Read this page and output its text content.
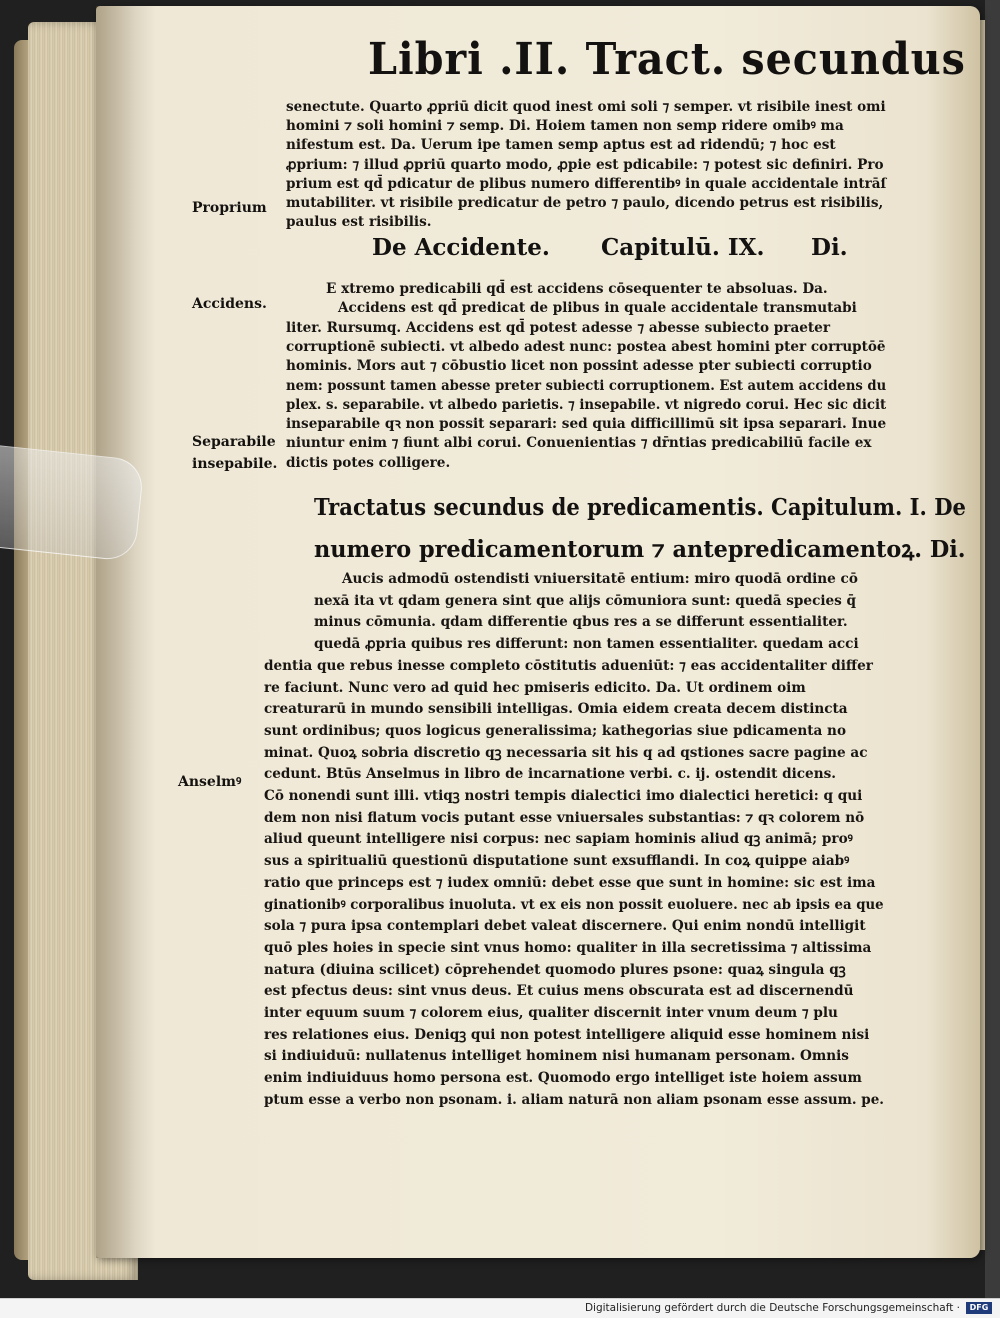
Libri .II. Tract. secundus
senectute. Quarto ꝓpriū dicit quod inest omi soli ⁊ semper. vt risibile inest omi
homini ⁊ soli homini ⁊ semp. Di. Hoiem tamen non semp ridere omibꝰ ma
nifestum est. Da. Uerum ipe tamen semp aptus est ad ridendū; ⁊ hoc est
ꝓprium: ⁊ illud ꝓpriū quarto modo, ꝓpie est pdicabile: ⁊ potest sic definiri. Pro
prium est qd̄ pdicatur de plibus numero differentibꝰ in quale accidentale intrāſ
mutabiliter. vt risibile predicatur de petro ⁊ paulo, dicendo petrus est risibilis,
paulus est risibilis.
Proprium
De Accidente. Capitulū. IX. Di.
Accidens.
E xtremo predicabili qd̄ est accidens cōsequenter te absoluas. Da.
Accidens est qd̄ predicat de plibus in quale accidentale transmutabi
liter. Rursumq. Accidens est qd̄ potest adesse ⁊ abesse subiecto praeter
corruptionē subiecti. vt albedo adest nunc: postea abest homini pter corruptōē
hominis. Mors aut ⁊ cōbustio licet non possint adesse pter subiecti corruptio
nem: possunt tamen abesse preter subiecti corruptionem. Est autem accidens du
plex. s. separabile. vt albedo parietis. ⁊ insepabile. vt nigredo corui. Hec sic dicit
inseparabile qꝛ non possit separari: sed quia difficillimū sit ipsa separari. Inue
niuntur enim ⁊ fiunt albi corui. Conuenientias ⁊ dr̄ntias predicabiliū facile ex
dictis potes colligere.
Separabile
insepabile.
Tractatus secundus de predicamentis. Capitulum. I. De
numero predicamentorum ⁊ antepredicamentoꝝ. Di.
Aucis admodū ostendisti vniuersitatē entium: miro quodā ordine cō
nexā ita vt qdam genera sint que alijs cōmuniora sunt: quedā species q̄
minus cōmunia. qdam differentie qbus res a se differunt essentialiter.
quedā ꝓpria quibus res differunt: non tamen essentialiter. quedam acci
dentia que rebus inesse completo cōstitutis adueniūt: ⁊ eas accidentaliter differ
re faciunt. Nunc vero ad quid hec pmiseris edicito. Da. Ut ordinem oim
creaturarū in mundo sensibili intelligas. Omia eidem creata decem distincta
sunt ordinibus; quos logicus generalissima; kathegorias siue pdicamenta no
minat. Quoꝝ sobria discretio qꝫ necessaria sit his q ad qstiones sacre pagine ac
cedunt. Btūs Anselmus in libro de incarnatione verbi. c. ij. ostendit dicens.
Cō nonendi sunt illi. vtiqꝫ nostri tempis dialectici imo dialectici heretici: q qui
dem non nisi flatum vocis putant esse vniuersales substantias: ⁊ qꝛ colorem nō
aliud queunt intelligere nisi corpus: nec sapiam hominis aliud qꝫ animā; proꝰ
sus a spiritualiū questionū disputatione sunt exsufflandi. In coꝝ quippe aiabꝰ
ratio que princeps est ⁊ iudex omniū: debet esse que sunt in homine: sic est ima
ginationibꝰ corporalibus inuoluta. vt ex eis non possit euoluere. nec ab ipsis ea que
sola ⁊ pura ipsa contemplari debet valeat discernere. Qui enim nondū intelligit
quō ples hoies in specie sint vnus homo: qualiter in illa secretissima ⁊ altissima
natura (diuina scilicet) cōprehendet quomodo plures psone: quaꝝ singula qꝫ
est pfectus deus: sint vnus deus. Et cuius mens obscurata est ad discernendū
inter equum suum ⁊ colorem eius, qualiter discernit inter vnum deum ⁊ plu
res relationes eius. Deniqꝫ qui non potest intelligere aliquid esse hominem nisi
si indiuiduū: nullatenus intelliget hominem nisi humanam personam. Omnis
enim indiuiduus homo persona est. Quomodo ergo intelliget iste hoiem assum
ptum esse a verbo non psonam. i. aliam naturā non aliam psonam esse assum. pe.
Anselmꝰ
Digitalisierung gefördert durch die Deutsche Forschungsgemeinschaft ·	DFG
